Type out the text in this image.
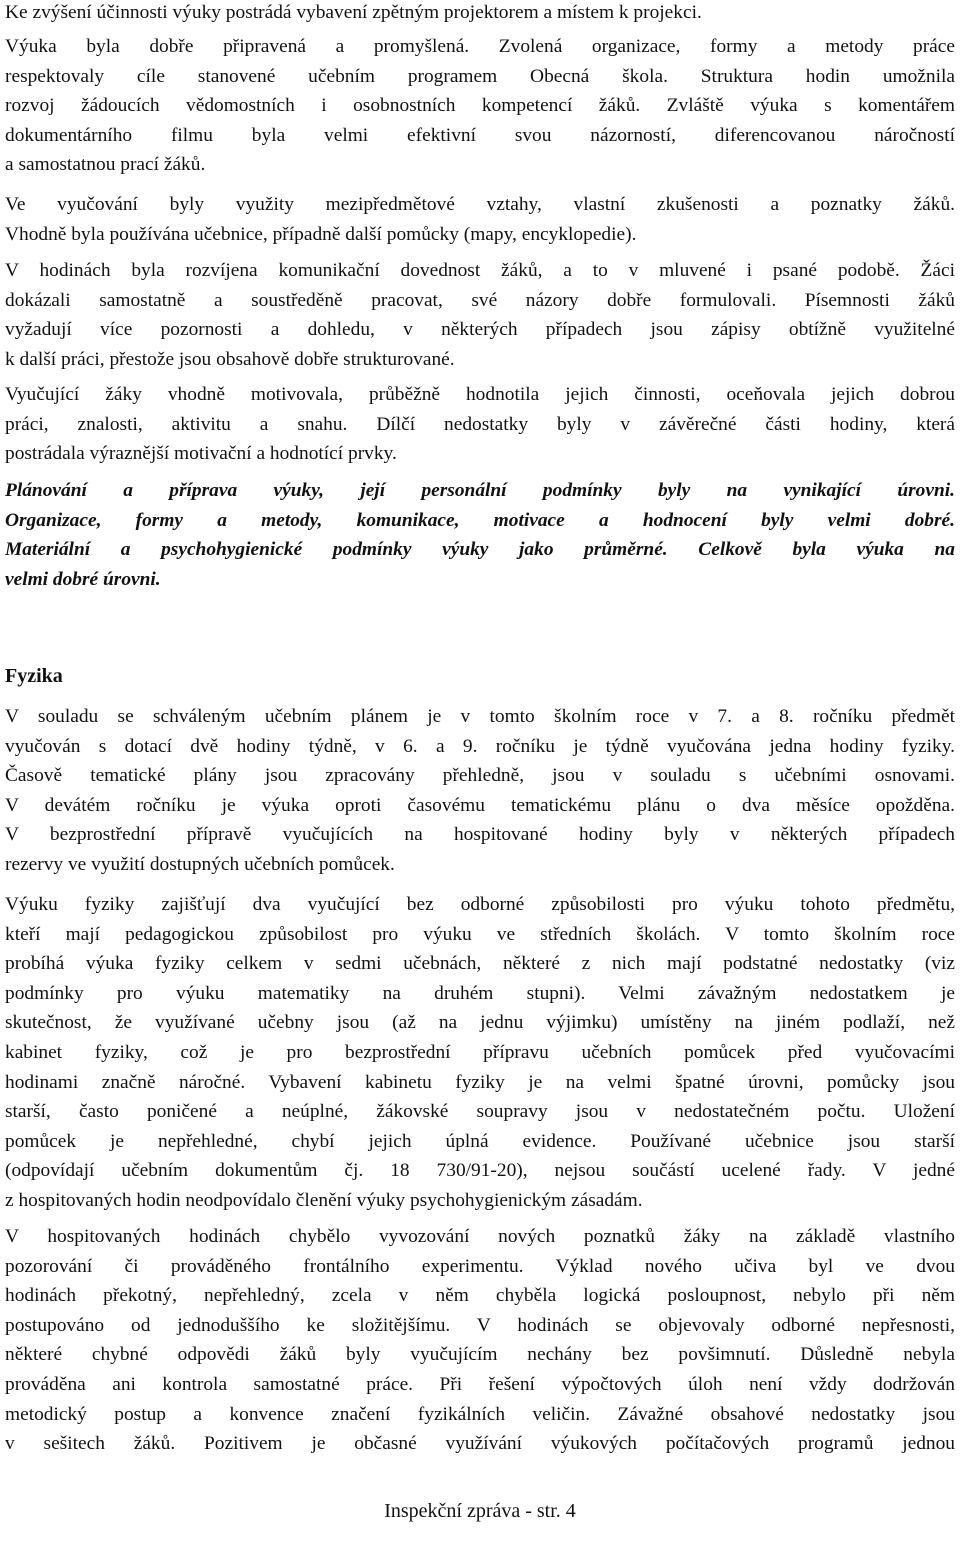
Ke zvýšení účinnosti výuky postrádá vybavení zpětným projektorem a místem k projekci.
Výuka byla dobře připravená a promyšlená. Zvolená organizace, formy a metody práce
respektovaly cíle stanovené učebním programem Obecná škola. Struktura hodin umožnila
rozvoj žádoucích vědomostních i osobnostních kompetencí žáků. Zvláště výuka s komentářem
dokumentárního filmu byla velmi efektivní svou názorností, diferencovanou náročností
a samostatnou prací žáků.
Ve vyučování byly využity mezipředmětové vztahy, vlastní zkušenosti a poznatky žáků.
Vhodně byla používána učebnice, případně další pomůcky (mapy, encyklopedie).
V hodinách byla rozvíjena komunikační dovednost žáků, a to v mluvené i psané podobě. Žáci
dokázali samostatně a soustředěně pracovat, své názory dobře formulovali. Písemnosti žáků
vyžadují více pozornosti a dohledu, v některých případech jsou zápisy obtížně využitelné
k další práci, přestože jsou obsahově dobře strukturované.
Vyučující žáky vhodně motivovala, průběžně hodnotila jejich činnosti, oceňovala jejich dobrou
práci, znalosti, aktivitu a snahu. Dílčí nedostatky byly v závěrečné části hodiny, která
postrádala výraznější motivační a hodnotící prvky.
Plánování a příprava výuky, její personální podmínky byly na vynikající úrovni.
Organizace, formy a metody, komunikace, motivace a hodnocení byly velmi dobré.
Materiální a psychohygienické podmínky výuky jako průměrné. Celkově byla výuka na
velmi dobré úrovni.
Fyzika
V souladu se schváleným učebním plánem je v tomto školním roce v 7. a 8. ročníku předmět
vyučován s dotací dvě hodiny týdně, v 6. a 9. ročníku je týdně vyučována jedna hodiny fyziky.
Časově tematické plány jsou zpracovány přehledně, jsou v souladu s učebními osnovami.
V devátém ročníku je výuka oproti časovému tematickému plánu o dva měsíce opožděna.
V bezprostřední přípravě vyučujících na hospitované hodiny byly v některých případech
rezervy ve využití dostupných učebních pomůcek.
Výuku fyziky zajišťují dva vyučující bez odborné způsobilosti pro výuku tohoto předmětu,
kteří mají pedagogickou způsobilost pro výuku ve středních školách. V tomto školním roce
probíhá výuka fyziky celkem v sedmi učebnách, některé z nich mají podstatné nedostatky (viz
podmínky pro výuku matematiky na druhém stupni). Velmi závažným nedostatkem je
skutečnost, že využívané učebny jsou (až na jednu výjimku) umístěny na jiném podlaží, než
kabinet fyziky, což je pro bezprostřední přípravu učebních pomůcek před vyučovacími
hodinami značně náročné. Vybavení kabinetu fyziky je na velmi špatné úrovni, pomůcky jsou
starší, často poničené a neúplné, žákovské soupravy jsou v nedostatečném počtu. Uložení
pomůcek je nepřehledné, chybí jejich úplná evidence. Používané učebnice jsou starší
(odpovídají učebním dokumentům čj. 18 730/91-20), nejsou součástí ucelené řady. V jedné
z hospitovaných hodin neodpovídalo členění výuky psychohygienickým zásadám.
V hospitovaných hodinách chybělo vyvozování nových poznatků žáky na základě vlastního
pozorování či prováděného frontálního experimentu. Výklad nového učiva byl ve dvou
hodinách překotný, nepřehledný, zcela v něm chyběla logická posloupnost, nebylo při něm
postupováno od jednoduššího ke složitějšímu. V hodinách se objevovaly odborné nepřesnosti,
některé chybné odpovědi žáků byly vyučujícím nechány bez povšimnutí. Důsledně nebyla
prováděna ani kontrola samostatné práce. Při řešení výpočtových úloh není vždy dodržován
metodický postup a konvence značení fyzikálních veličin. Závažné obsahové nedostatky jsou
v sešitech žáků. Pozitivem je občasné využívání výukových počítačových programů jednou
Inspekční zpráva - str. 4
